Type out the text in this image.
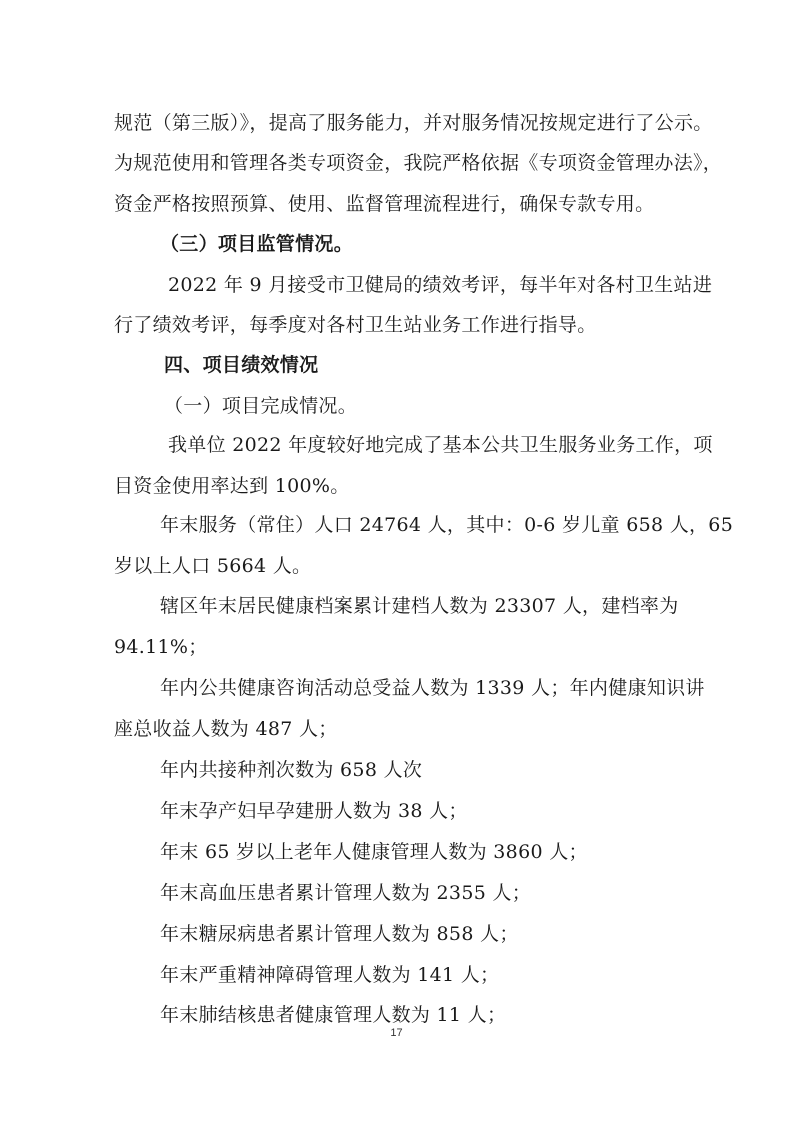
规范（第三版）》，提高了服务能力，并对服务情况按规定进行了公示。
为规范使用和管理各类专项资金，我院严格依据《专项资金管理办法》，
资金严格按照预算、使用、监督管理流程进行，确保专款专用。
（三）项目监管情况。
2022 年 9 月接受市卫健局的绩效考评，每半年对各村卫生站进
行了绩效考评，每季度对各村卫生站业务工作进行指导。
四、项目绩效情况
（一）项目完成情况。
我单位 2022 年度较好地完成了基本公共卫生服务业务工作，项
目资金使用率达到 100%。
年末服务（常住）人口 24764 人，其中：0-6 岁儿童 658 人，65
岁以上人口 5664 人。
辖区年末居民健康档案累计建档人数为 23307 人，建档率为
94.11%；
年内公共健康咨询活动总受益人数为 1339 人；年内健康知识讲
座总收益人数为 487 人；
年内共接种剂次数为 658 人次
年末孕产妇早孕建册人数为 38 人；
年末 65 岁以上老年人健康管理人数为 3860 人；
年末高血压患者累计管理人数为 2355 人；
年末糖尿病患者累计管理人数为 858 人；
年末严重精神障碍管理人数为 141 人；
年末肺结核患者健康管理人数为 11 人；
17
